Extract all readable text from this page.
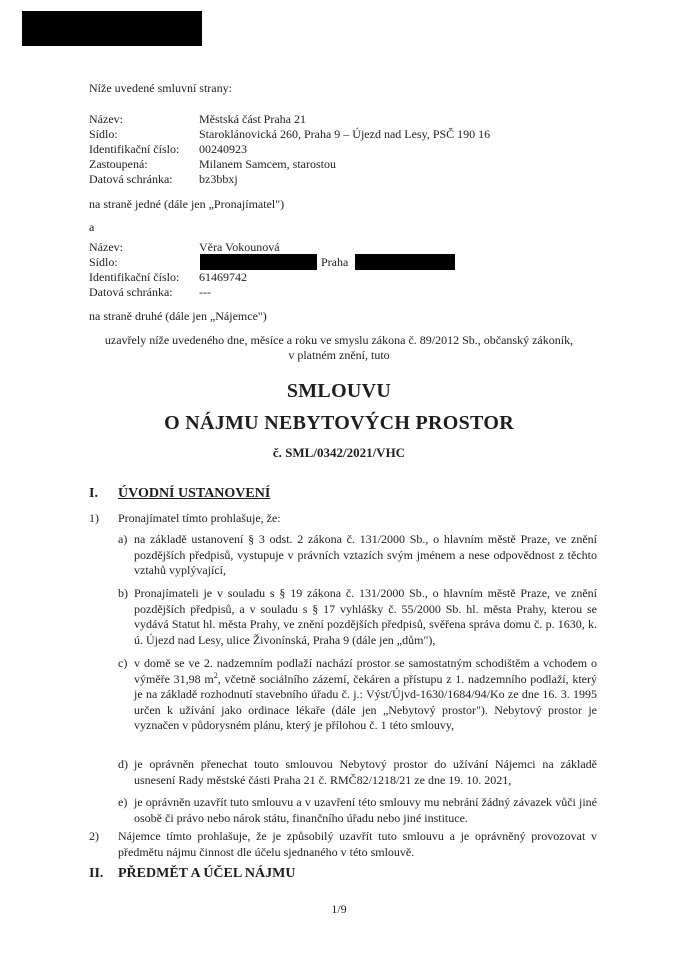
Níže uvedené smluvní strany:
Název:	Městská část Praha 21
Sídlo:	Staroklánovická 260, Praha 9 – Újezd nad Lesy, PSČ 190 16
Identifikační číslo: 00240923
Zastoupená:	Milanem Samcem, starostou
Datová schránka: bz3bbxj
na straně jedné (dále jen „Pronajímatel")
a
Název:	Věra Vokounová
Sídlo:	Praha
Identifikační číslo: 61469742
Datová schránka: ---
na straně druhé (dále jen „Nájemce")
uzavřely níže uvedeného dne, měsíce a roku ve smyslu zákona č. 89/2012 Sb., občanský zákoník,
v platném znění, tuto
SMLOUVU
O NÁJMU NEBYTOVÝCH PROSTOR
č. SML/0342/2021/VHC
I. ÚVODNÍ USTANOVENÍ
1) Pronajímatel tímto prohlašuje, že:
a) na základě ustanovení § 3 odst. 2 zákona č. 131/2000 Sb., o hlavním městě Praze, ve znění pozdějších předpisů, vystupuje v právních vztazích svým jménem a nese odpovědnost z těchto vztahů vyplývající,
b) Pronajímateli je v souladu s § 19 zákona č. 131/2000 Sb., o hlavním městě Praze, ve znění pozdějších předpisů, a v souladu s § 17 vyhlášky č. 55/2000 Sb. hl. města Prahy, kterou se vydává Statut hl. města Prahy, ve znění pozdějších předpisů, svěřena správa domu č. p. 1630, k. ú. Újezd nad Lesy, ulice Živonínská, Praha 9 (dále jen „dům"),
c) v domě se ve 2. nadzemním podlaží nachází prostor se samostatným schodištěm a vchodem o výměře 31,98 $m^2$, včetně sociálního zázemí, čekáren a přístupu z 1. nadzemního podlaží, který je na základě rozhodnutí stavebního úřadu č. j.: Výst/Újvd-1630/1684/94/Ko ze dne 16. 3. 1995 určen k užívání jako ordinace lékaře (dále jen „Nebytový prostor"). Nebytový prostor je vyznačen v půdorysném plánu, který je přílohou č. 1 této smlouvy,
d) je oprávněn přenechat touto smlouvou Nebytový prostor do užívání Nájemci na základě usnesení Rady městské části Praha 21 č. RMČ82/1218/21 ze dne 19. 10. 2021,
e) je oprávněn uzavřít tuto smlouvu a v uzavření této smlouvy mu nebrání žádný závazek vůči jiné osobě či právo nebo nárok státu, finančního úřadu nebo jiné instituce.
2) Nájemce tímto prohlašuje, že je způsobilý uzavřít tuto smlouvu a je oprávněný provozovat v předmětu nájmu činnost dle účelu sjednaného v této smlouvě.
II. PŘEDMĚT A ÚČEL NÁJMU
1/9
